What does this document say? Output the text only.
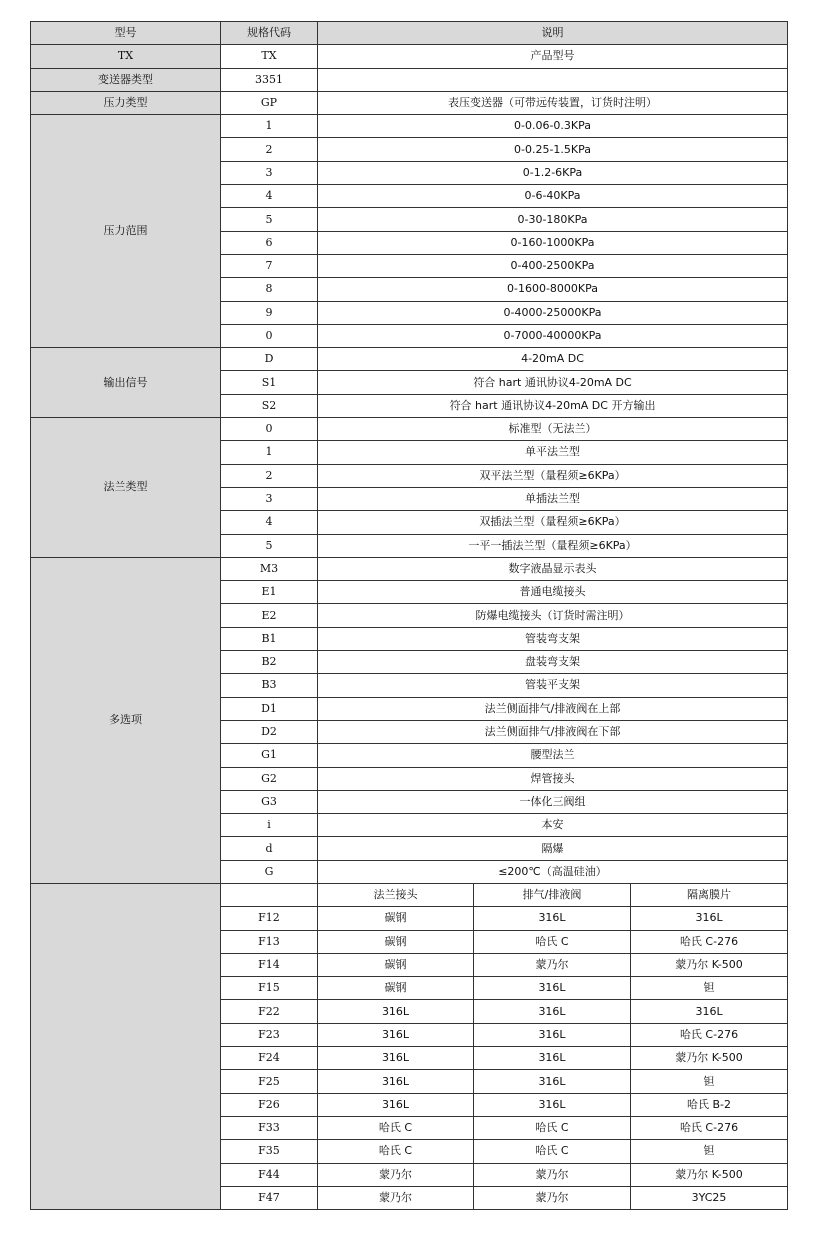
型号	规格代码	说明		
TX	TX	产品型号		
变送器类型	3351			
压力类型	GP	表压变送器（可带远传装置，订货时注明）		
压力范围	1	0-0.06-0.3KPa		
	2	0-0.25-1.5KPa		
	3	0-1.2-6KPa		
	4	0-6-40KPa		
	5	0-30-180KPa		
	6	0-160-1000KPa		
	7	0-400-2500KPa		
	8	0-1600-8000KPa		
	9	0-4000-25000KPa		
	0	0-7000-40000KPa		
输出信号	D	4-20mA DC		
	S1	符合 hart 通讯协议4-20mA DC		
	S2	符合 hart 通讯协议4-20mA DC 开方输出		
法兰类型	0	标准型（无法兰）		
	1	单平法兰型		
	2	双平法兰型（量程须≥6KPa）		
	3	单插法兰型		
	4	双插法兰型（量程须≥6KPa）		
	5	一平一插法兰型（量程须≥6KPa）		
多选项	M3	数字液晶显示表头		
	E1	普通电缆接头		
	E2	防爆电缆接头（订货时需注明）		
	B1	管装弯支架		
	B2	盘装弯支架		
	B3	管装平支架		
	D1	法兰侧面排气/排液阀在上部		
	D2	法兰侧面排气/排液阀在下部		
	G1	腰型法兰		
	G2	焊管接头		
	G3	一体化三阀组		
	i	本安		
	d	隔爆		
	G	≤200℃（高温硅油）		
		法兰接头	排气/排液阀	隔离膜片
	F12	碳钢	316L	316L
	F13	碳钢	哈氏 C	哈氏 C-276
	F14	碳钢	蒙乃尔	蒙乃尔 K-500
	F15	碳钢	316L	钽
	F22	316L	316L	316L
	F23	316L	316L	哈氏 C-276
	F24	316L	316L	蒙乃尔 K-500
	F25	316L	316L	钽
	F26	316L	316L	哈氏 B-2
	F33	哈氏 C	哈氏 C	哈氏 C-276
	F35	哈氏 C	哈氏 C	钽
	F44	蒙乃尔	蒙乃尔	蒙乃尔 K-500
	F47	蒙乃尔	蒙乃尔	3YC25
